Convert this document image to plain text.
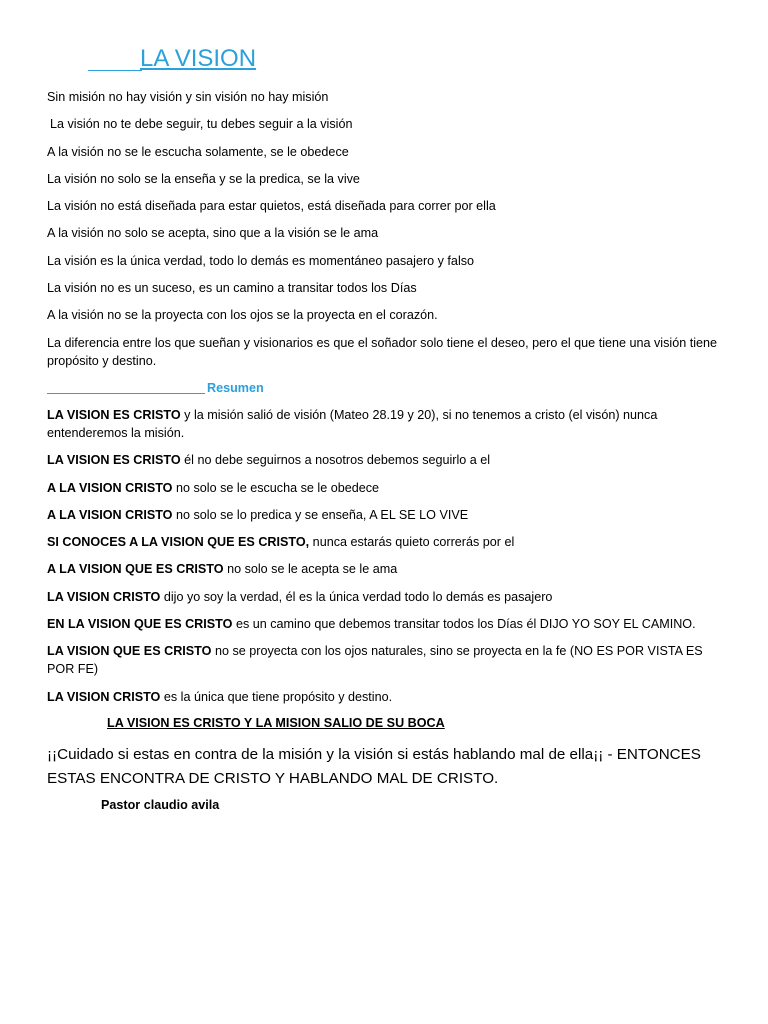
LA VISION
Sin misión no hay visión y sin visión no hay misión
La visión no te debe seguir, tu debes seguir a la visión
A la visión no se le escucha solamente, se le obedece
La visión no solo se la enseña y se la predica, se la vive
La visión no está diseñada para estar quietos, está diseñada para correr por ella
A la visión no solo se acepta, sino que a la visión se le ama
La visión es la única verdad, todo lo demás es momentáneo pasajero y falso
La visión no es un suceso, es un camino a transitar todos los Días
A la visión no se la proyecta con los ojos se la proyecta en el corazón.
La diferencia entre los que sueñan y visionarios es que el soñador solo tiene el deseo, pero el que tiene una visión tiene propósito y destino.
Resumen
LA VISION ES CRISTO y la misión salió de visión (Mateo 28.19 y 20), si no tenemos a cristo (el visón) nunca entenderemos la misión.
LA VISION ES CRISTO él no debe seguirnos a nosotros debemos seguirlo a el
A LA VISION CRISTO no solo se le escucha se le obedece
A LA VISION CRISTO no solo se lo predica y se enseña, A EL SE LO VIVE
SI CONOCES A LA VISION QUE ES CRISTO, nunca estarás quieto correrás por el
A LA VISION QUE ES CRISTO no solo se le acepta se le ama
LA VISION CRISTO dijo yo soy la verdad, él es la única verdad todo lo demás es pasajero
EN LA VISION QUE ES CRISTO es un camino que debemos transitar todos los Días él DIJO YO SOY EL CAMINO.
LA VISION QUE ES CRISTO no se proyecta con los ojos naturales, sino se proyecta en la fe (NO ES POR VISTA ES POR FE)
LA VISION CRISTO es la única que tiene propósito y destino.
LA VISION ES CRISTO Y LA MISION SALIO DE SU BOCA
¡¡Cuidado si estas en contra de la misión y la visión si estás hablando mal de ella¡¡ - ENTONCES ESTAS ENCONTRA DE CRISTO Y HABLANDO MAL DE CRISTO.
Pastor claudio avila
